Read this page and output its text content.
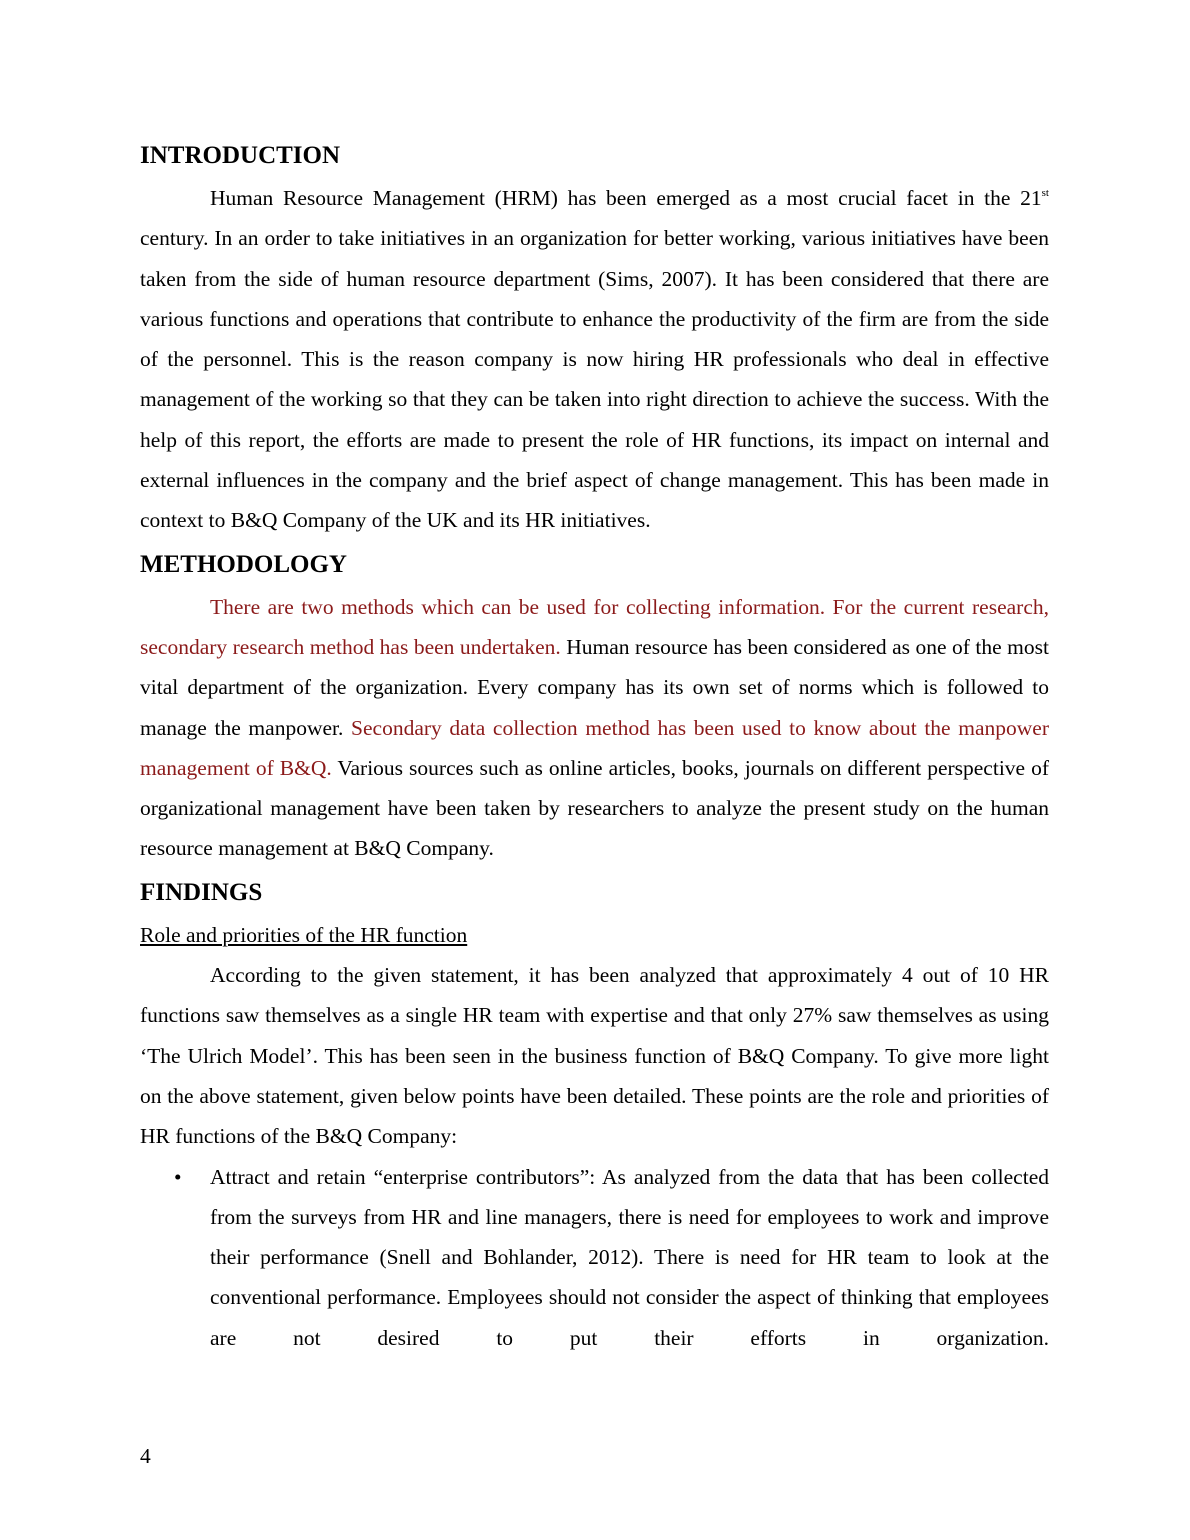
INTRODUCTION

Human Resource Management (HRM) has been emerged as a most crucial facet in the 21st century. In an order to take initiatives in an organization for better working, various initiatives have been taken from the side of human resource department (Sims, 2007). It has been considered that there are various functions and operations that contribute to enhance the productivity of the firm are from the side of the personnel. This is the reason company is now hiring HR professionals who deal in effective management of the working so that they can be taken into right direction to achieve the success. With the help of this report, the efforts are made to present the role of HR functions, its impact on internal and external influences in the company and the brief aspect of change management. This has been made in context to B&Q Company of the UK and its HR initiatives.

METHODOLOGY

There are two methods which can be used for collecting information. For the current research, secondary research method has been undertaken. Human resource has been considered as one of the most vital department of the organization. Every company has its own set of norms which is followed to manage the manpower. Secondary data collection method has been used to know about the manpower management of B&Q. Various sources such as online articles, books, journals on different perspective of organizational management have been taken by researchers to analyze the present study on the human resource management at B&Q Company.

FINDINGS

Role and priorities of the HR function

According to the given statement, it has been analyzed that approximately 4 out of 10 HR functions saw themselves as a single HR team with expertise and that only 27% saw themselves as using ‘The Ulrich Model’. This has been seen in the business function of B&Q Company. To give more light on the above statement, given below points have been detailed. These points are the role and priorities of HR functions of the B&Q Company:

• Attract and retain “enterprise contributors”: As analyzed from the data that has been collected from the surveys from HR and line managers, there is need for employees to work and improve their performance (Snell and Bohlander, 2012). There is need for HR team to look at the conventional performance. Employees should not consider the aspect of thinking that employees are not desired to put their efforts in organization.
4
